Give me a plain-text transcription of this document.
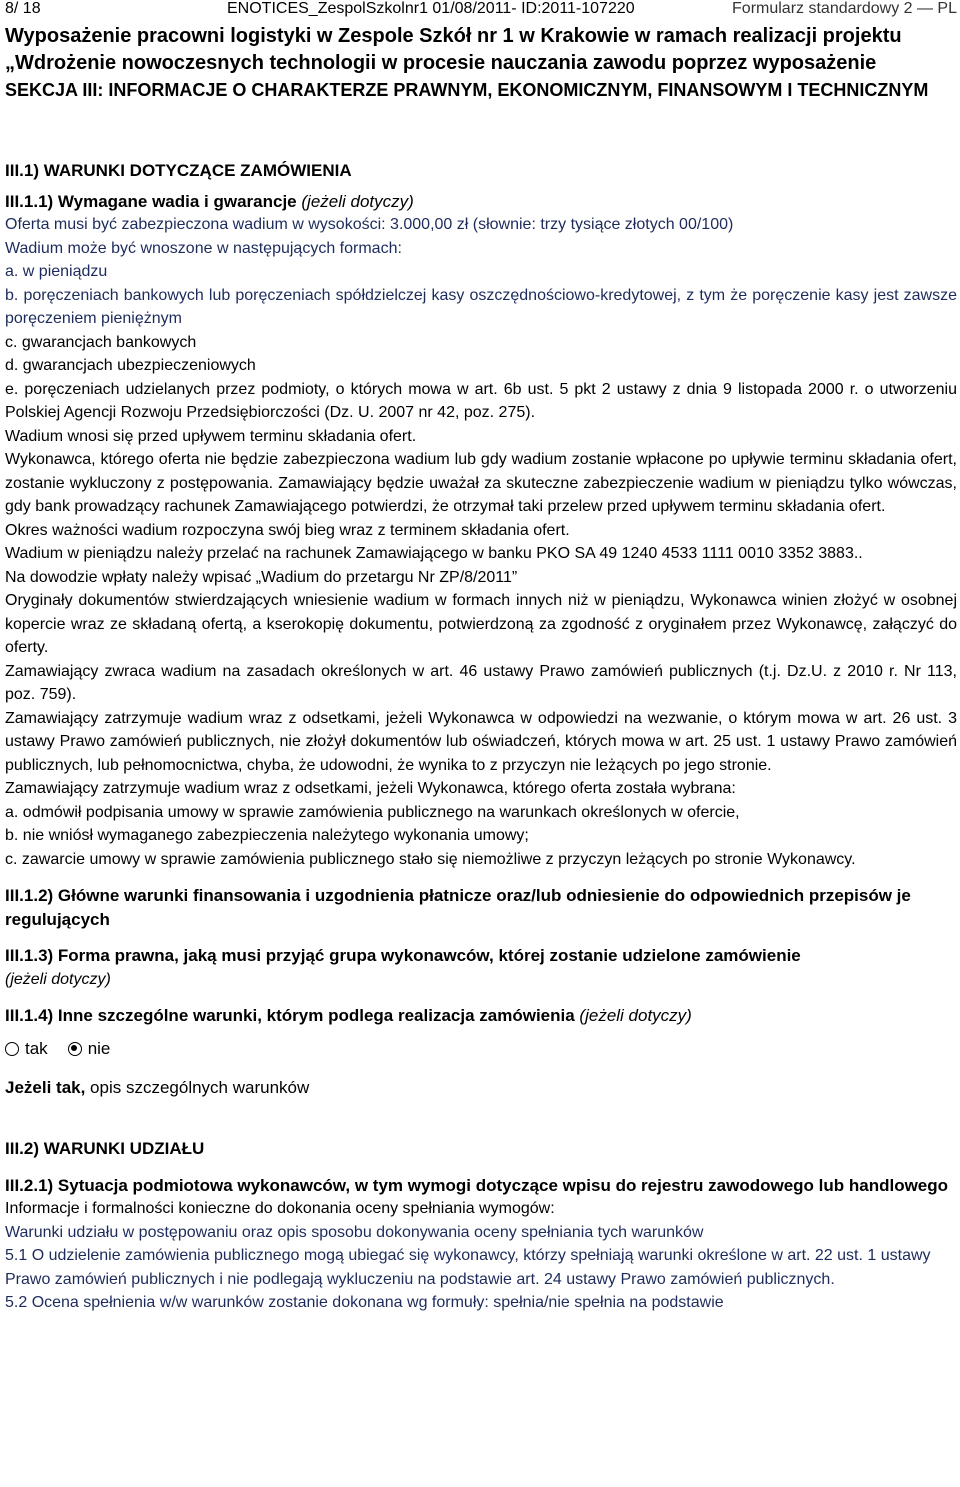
8/ 18	ENOTICES_ZespolSzkolnr1 01/08/2011- ID:2011-107220	Formularz standardowy 2 — PL
Wyposażenie pracowni logistyki w Zespole Szkół nr 1 w Krakowie w ramach realizacji projektu „Wdrożenie nowoczesnych technologii w procesie nauczania zawodu poprzez wyposażenie
SEKCJA III: INFORMACJE O CHARAKTERZE PRAWNYM, EKONOMICZNYM, FINANSOWYM I TECHNICZNYM

III.1) WARUNKI DOTYCZĄCE ZAMÓWIENIA

III.1.1) Wymagane wadia i gwarancje (jeżeli dotyczy)

Oferta musi być zabezpieczona wadium w wysokości: 3.000,00 zł (słownie: trzy tysiące złotych 00/100)

Wadium może być wnoszone w następujących formach:

a. w pieniądzu

b. poręczeniach bankowych lub poręczeniach spółdzielczej kasy oszczędnościowo-kredytowej, z tym że poręczenie kasy jest zawsze poręczeniem pieniężnym

c. gwarancjach bankowych

d. gwarancjach ubezpieczeniowych

e. poręczeniach udzielanych przez podmioty, o których mowa w art. 6b ust. 5 pkt 2 ustawy z dnia 9 listopada 2000 r. o utworzeniu Polskiej Agencji Rozwoju Przedsiębiorczości (Dz. U. 2007 nr 42, poz. 275).

Wadium wnosi się przed upływem terminu składania ofert.

Wykonawca, którego oferta nie będzie zabezpieczona wadium lub gdy wadium zostanie wpłacone po upływie terminu składania ofert, zostanie wykluczony z postępowania. Zamawiający będzie uważał za skuteczne zabezpieczenie wadium w pieniądzu tylko wówczas, gdy bank prowadzący rachunek Zamawiającego potwierdzi, że otrzymał taki przelew przed upływem terminu składania ofert.

Okres ważności wadium rozpoczyna swój bieg wraz z terminem składania ofert.

Wadium w pieniądzu należy przelać na rachunek Zamawiającego w banku PKO SA 49 1240 4533 1111 0010 3352 3883..

Na dowodzie wpłaty należy wpisać „Wadium do przetargu Nr ZP/8/2011”

Oryginały dokumentów stwierdzających wniesienie wadium w formach innych niż w pieniądzu, Wykonawca winien złożyć w osobnej kopercie wraz ze składaną ofertą, a kserokopię dokumentu, potwierdzoną za zgodność z oryginałem przez Wykonawcę, załączyć do oferty.

Zamawiający zwraca wadium na zasadach określonych w art. 46 ustawy Prawo zamówień publicznych (t.j. Dz.U. z 2010 r. Nr 113, poz. 759).

Zamawiający zatrzymuje wadium wraz z odsetkami, jeżeli Wykonawca w odpowiedzi na wezwanie, o którym mowa w art. 26 ust. 3 ustawy Prawo zamówień publicznych, nie złożył dokumentów lub oświadczeń, których mowa w art. 25 ust. 1 ustawy Prawo zamówień publicznych, lub pełnomocnictwa, chyba, że udowodni, że wynika to z przyczyn nie leżących po jego stronie.

Zamawiający zatrzymuje wadium wraz z odsetkami, jeżeli Wykonawca, którego oferta została wybrana:

a. odmówił podpisania umowy w sprawie zamówienia publicznego na warunkach określonych w ofercie,

b. nie wniósł wymaganego zabezpieczenia należytego wykonania umowy;

c. zawarcie umowy w sprawie zamówienia publicznego stało się niemożliwe z przyczyn leżących po stronie Wykonawcy.

III.1.2) Główne warunki finansowania i uzgodnienia płatnicze oraz/lub odniesienie do odpowiednich przepisów je regulujących

III.1.3) Forma prawna, jaką musi przyjąć grupa wykonawców, której zostanie udzielone zamówienie

(jeżeli dotyczy)

III.1.4) Inne szczególne warunki, którym podlega realizacja zamówienia (jeżeli dotyczy)

tak nie

Jeżeli tak, opis szczególnych warunków

III.2) WARUNKI UDZIAŁU

III.2.1) Sytuacja podmiotowa wykonawców, w tym wymogi dotyczące wpisu do rejestru zawodowego lub handlowego

Informacje i formalności konieczne do dokonania oceny spełniania wymogów:

Warunki udziału w postępowaniu oraz opis sposobu dokonywania oceny spełniania tych warunków

5.1 O udzielenie zamówienia publicznego mogą ubiegać się wykonawcy, którzy spełniają warunki określone w art. 22 ust. 1 ustawy Prawo zamówień publicznych i nie podlegają wykluczeniu na podstawie art. 24 ustawy Prawo zamówień publicznych.

5.2 Ocena spełnienia w/w warunków zostanie dokonana wg formuły: spełnia/nie spełnia na podstawie
